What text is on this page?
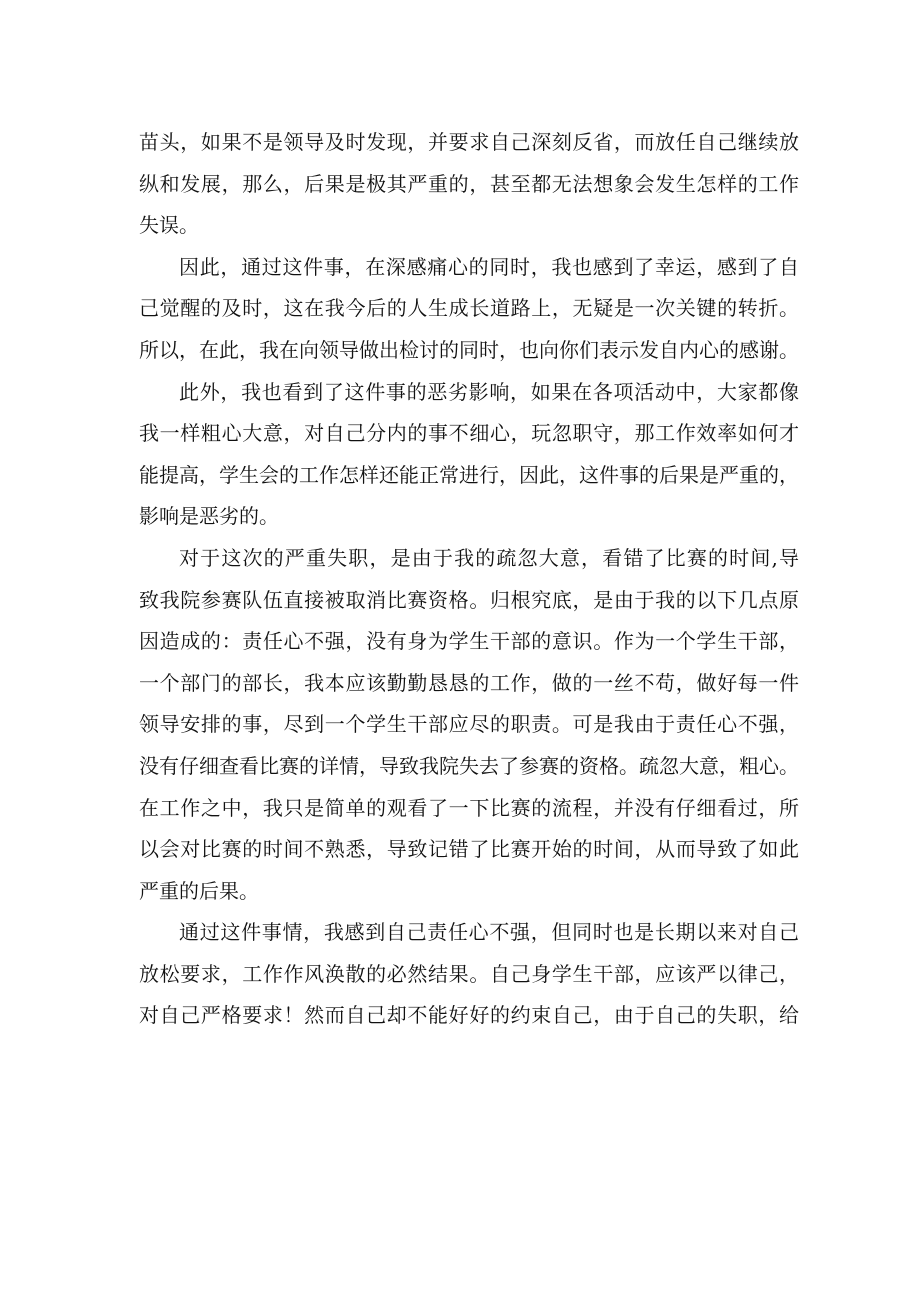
苗头，如果不是领导及时发现，并要求自己深刻反省，而放任自己继续放
纵和发展，那么，后果是极其严重的，甚至都无法想象会发生怎样的工作
失误。
因此，通过这件事，在深感痛心的同时，我也感到了幸运，感到了自
己觉醒的及时，这在我今后的人生成长道路上，无疑是一次关键的转折。
所以，在此，我在向领导做出检讨的同时，也向你们表示发自内心的感谢。
此外，我也看到了这件事的恶劣影响，如果在各项活动中，大家都像
我一样粗心大意，对自己分内的事不细心，玩忽职守，那工作效率如何才
能提高，学生会的工作怎样还能正常进行，因此，这件事的后果是严重的，
影响是恶劣的。
对于这次的严重失职，是由于我的疏忽大意，看错了比赛的时间,导
致我院参赛队伍直接被取消比赛资格。归根究底，是由于我的以下几点原
因造成的：责任心不强，没有身为学生干部的意识。作为一个学生干部，
一个部门的部长，我本应该勤勤恳恳的工作，做的一丝不苟，做好每一件
领导安排的事，尽到一个学生干部应尽的职责。可是我由于责任心不强，
没有仔细查看比赛的详情，导致我院失去了参赛的资格。疏忽大意，粗心。
在工作之中，我只是简单的观看了一下比赛的流程，并没有仔细看过，所
以会对比赛的时间不熟悉，导致记错了比赛开始的时间，从而导致了如此
严重的后果。
通过这件事情，我感到自己责任心不强，但同时也是长期以来对自己
放松要求，工作作风涣散的必然结果。自己身学生干部，应该严以律己，
对自己严格要求！然而自己却不能好好的约束自己，由于自己的失职，给
